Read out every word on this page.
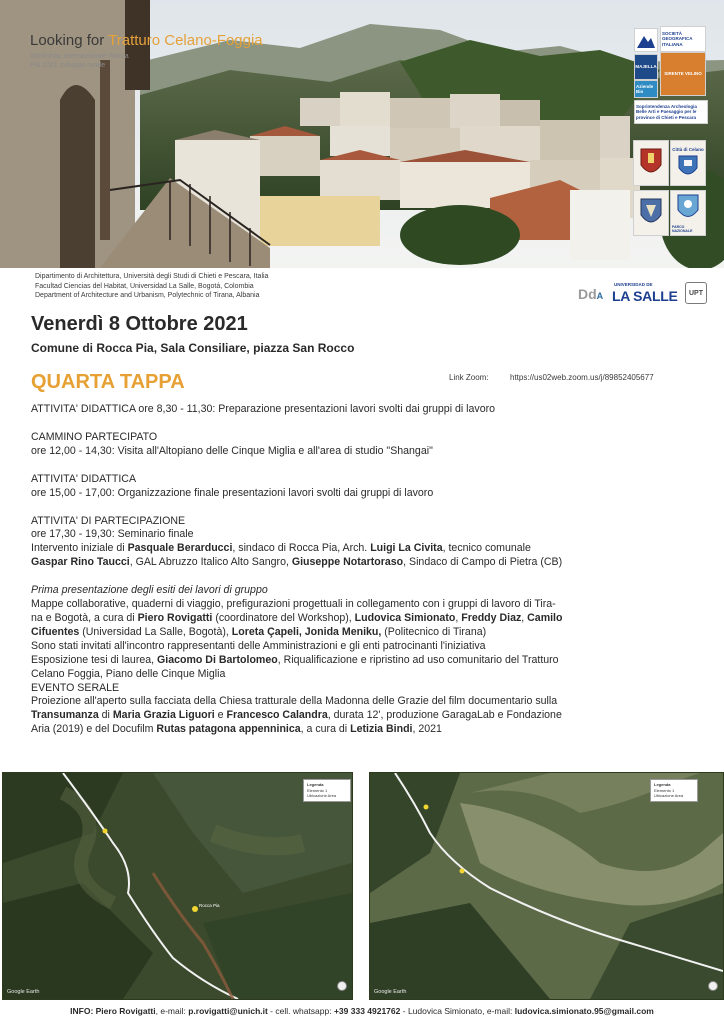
Looking for Tratturo Celano-Foggia
Workshop internazionale Rocca Pia 2021 sviluppo rurale
SOCIETÀ GEOGRAFICA ITALIANA
MAJELLA
SIRENTE VELINO
Aziende Bio
Soprintendenza Archeologia Belle Arti e Paesaggio per le province di Chieti e Pescara
Città di Celano
PARCO NAZIONALE
Dipartimento di Architettura, Università degli Studi di Chieti e Pescara, Italia
Facultad Ciencias del Habitat, Universidad La Salle, Bogotá, Colombia
Department of Architecture and Urbanism, Polytechnic of Tirana, Albania	DdA
UNIVERSIDAD DE
LA SALLE	UPT
Venerdì 8 Ottobre 2021
Comune di Rocca Pia, Sala Consiliare, piazza San Rocco
QUARTA TAPPA	Link Zoom:	https://us02web.zoom.us/j/89852405677

ATTIVITA' DIDATTICA ore 8,30 - 11,30: Preparazione presentazioni lavori svolti dai gruppi di lavoro

CAMMINO PARTECIPATO

ore 12,00 - 14,30: Visita all'Altopiano delle Cinque Miglia e all'area di studio "Shangai"

ATTIVITA' DIDATTICA

ore 15,00 - 17,00: Organizzazione finale presentazioni lavori svolti dai gruppi di lavoro

ATTIVITA' DI PARTECIPAZIONE

ore 17,30 - 19,30: Seminario finale

Intervento iniziale di Pasquale Berarducci, sindaco di Rocca Pia, Arch. Luigi La Civita, tecnico comunale

Gaspar Rino Taucci, GAL Abruzzo Italico Alto Sangro, Giuseppe Notartoraso, Sindaco di Campo di Pietra (CB)

Prima presentazione degli esiti dei lavori di gruppo

Mappe collaborative, quaderni di viaggio, prefigurazioni progettuali in collegamento con i gruppi di lavoro di Tira-

na e Bogotà, a cura di Piero Rovigatti (coordinatore del Workshop), Ludovica Simionato, Freddy Diaz, Camilo

Cifuentes (Universidad La Salle, Bogotà), Loreta Çapeli, Jonida Meniku, (Politecnico di Tirana)

Sono stati invitati all'incontro rappresentanti delle Amministrazioni e gli enti patrocinanti l'iniziativa

Esposizione tesi di laurea, Giacomo Di Bartolomeo, Riqualificazione e ripristino ad uso comunitario del Tratturo

Celano Foggia, Piano delle Cinque Miglia

EVENTO SERALE

Proiezione all'aperto sulla facciata della Chiesa tratturale della Madonna delle Grazie del film documentario sulla

Transumanza di Maria Grazia Liguori e Francesco Calandra, durata 12', produzione GaragaLab e Fondazione

Aria (2019) e del Docufilm Rutas patagona appenninica, a cura di Letizia Bindi, 2021

Rocca Pia
Legenda
Elemento 1
Ubicazione Area
Google Earth
Legenda
Elemento 1
Ubicazione Area
Google Earth
INFO: Piero Rovigatti, e-mail: p.rovigatti@unich.it - cell. whatsapp: +39 333 4921762 - Ludovica Simionato, e-mail: ludovica.simionato.95@gmail.com
